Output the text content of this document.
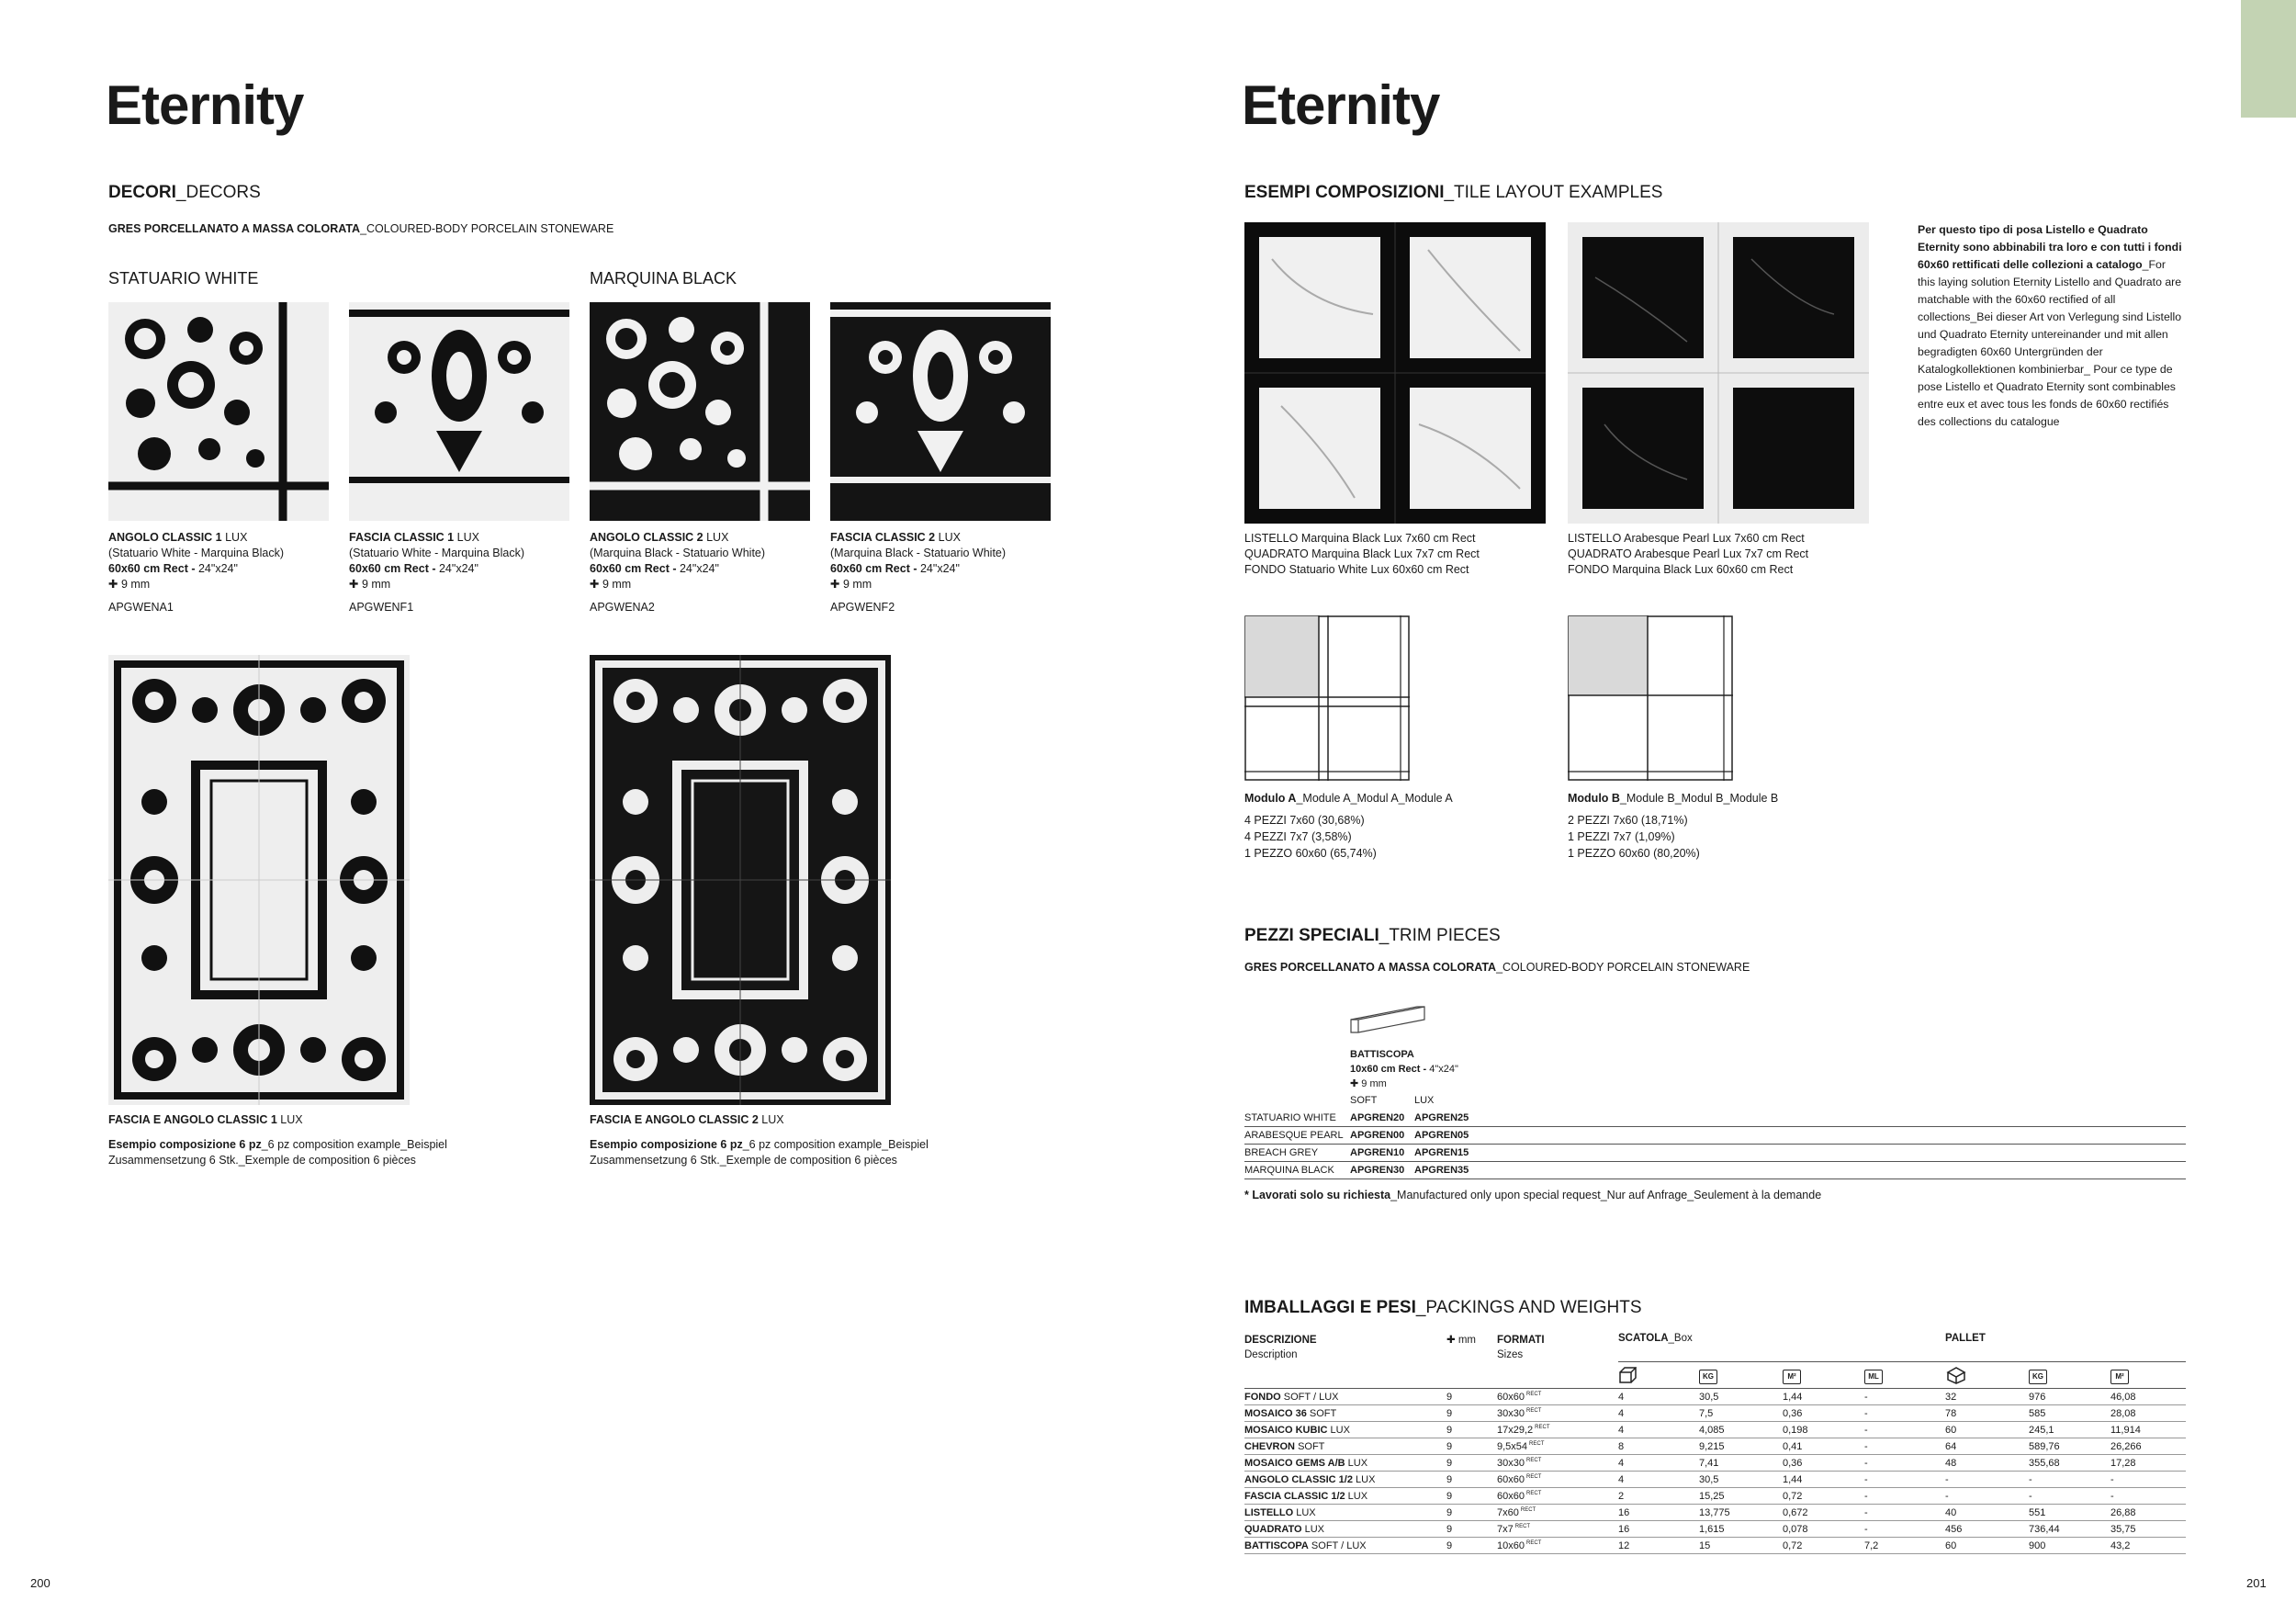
Eternity
DECORI_DECORS
GRES PORCELLANATO A MASSA COLORATA_COLOURED-BODY PORCELAIN STONEWARE
STATUARIO WHITE	MARQUINA BLACK
ANGOLO CLASSIC 1 LUX
(Statuario White - Marquina Black)
60x60 cm Rect - 24"x24"
✚ 9 mm
APGWENA1
FASCIA CLASSIC 1 LUX
(Statuario White - Marquina Black)
60x60 cm Rect - 24"x24"
✚ 9 mm
APGWENF1
ANGOLO CLASSIC 2 LUX
(Marquina Black - Statuario White)
60x60 cm Rect - 24"x24"
✚ 9 mm
APGWENA2
FASCIA CLASSIC 2 LUX
(Marquina Black - Statuario White)
60x60 cm Rect - 24"x24"
✚ 9 mm
APGWENF2
FASCIA E ANGOLO CLASSIC 1 LUX
Esempio composizione 6 pz_6 pz composition example_Beispiel
Zusammensetzung 6 Stk._Exemple de composition 6 pièces
FASCIA E ANGOLO CLASSIC 2 LUX
Esempio composizione 6 pz_6 pz composition example_Beispiel
Zusammensetzung 6 Stk._Exemple de composition 6 pièces
200
Eternity
ESEMPI COMPOSIZIONI_TILE LAYOUT EXAMPLES
LISTELLO Marquina Black Lux 7x60 cm Rect
QUADRATO Marquina Black Lux 7x7 cm Rect
FONDO Statuario White Lux 60x60 cm Rect
LISTELLO Arabesque Pearl Lux 7x60 cm Rect
QUADRATO Arabesque Pearl Lux 7x7 cm Rect
FONDO Marquina Black Lux 60x60 cm Rect
Per questo tipo di posa Listello e Quadrato Eternity sono abbinabili tra loro e con tutti i fondi 60x60 rettificati delle collezioni a catalogo_For this laying solution Eternity Listello and Quadrato are matchable with the 60x60 rectified of all collections_Bei dieser Art von Verlegung sind Listello und Quadrato Eternity untereinander und mit allen begradigten 60x60 Untergründen der Katalogkollektionen kombinierbar_ Pour ce type de pose Listello et Quadrato Eternity sont combinables entre eux et avec tous les fonds de 60x60 rectifiés des collections du catalogue
Modulo A_Module A_Modul A_Module A
4 PEZZI 7x60 (30,68%)
4 PEZZI 7x7 (3,58%)
1 PEZZO 60x60 (65,74%)
Modulo B_Module B_Modul B_Module B
2 PEZZI 7x60 (18,71%)
1 PEZZI 7x7 (1,09%)
1 PEZZO 60x60 (80,20%)
PEZZI SPECIALI_TRIM PIECES
GRES PORCELLANATO A MASSA COLORATA_COLOURED-BODY PORCELAIN STONEWARE
BATTISCOPA
10x60 cm Rect - 4"x24"
✚ 9 mm
SOFT	LUX
STATUARIO WHITE	APGREN20	APGREN25
ARABESQUE PEARL	APGREN00	APGREN05
BREACH GREY	APGREN10	APGREN15
MARQUINA BLACK	APGREN30	APGREN35
* Lavorati solo su richiesta_Manufactured only upon special request_Nur auf Anfrage_Seulement à la demande
IMBALLAGGI E PESI_PACKINGS AND WEIGHTS
DESCRIZIONE
Description
✚ mm FORMATI
Sizes
SCATOLA_Box	PALLET
KG	M²	ML	KG	M²
FONDO SOFT / LUX	9	60x60 $^{RECT}$	4	30,5	1,44	-	32	976	46,08
MOSAICO 36 SOFT	9	30x30 $^{RECT}$	4	7,5	0,36	-	78	585	28,08
MOSAICO KUBIC LUX	9	17x29,2 $^{RECT}$	4	4,085	0,198	-	60	245,1	11,914
CHEVRON SOFT	9	9,5x54 $^{RECT}$	8	9,215	0,41	-	64	589,76	26,266
MOSAICO GEMS A/B LUX	9	30x30 $^{RECT}$	4	7,41	0,36	-	48	355,68	17,28
ANGOLO CLASSIC 1/2 LUX	9	60x60 $^{RECT}$	4	30,5	1,44	-	-	-	-
FASCIA CLASSIC 1/2 LUX	9	60x60 $^{RECT}$	2	15,25	0,72	-	-	-	-
LISTELLO LUX	9	7x60 $^{RECT}$	16	13,775	0,672	-	40	551	26,88
QUADRATO LUX	9	7x7 $^{RECT}$	16	1,615	0,078	-	456	736,44	35,75
BATTISCOPA SOFT / LUX	9	10x60 $^{RECT}$	12	15	0,72	7,2	60	900	43,2
201
